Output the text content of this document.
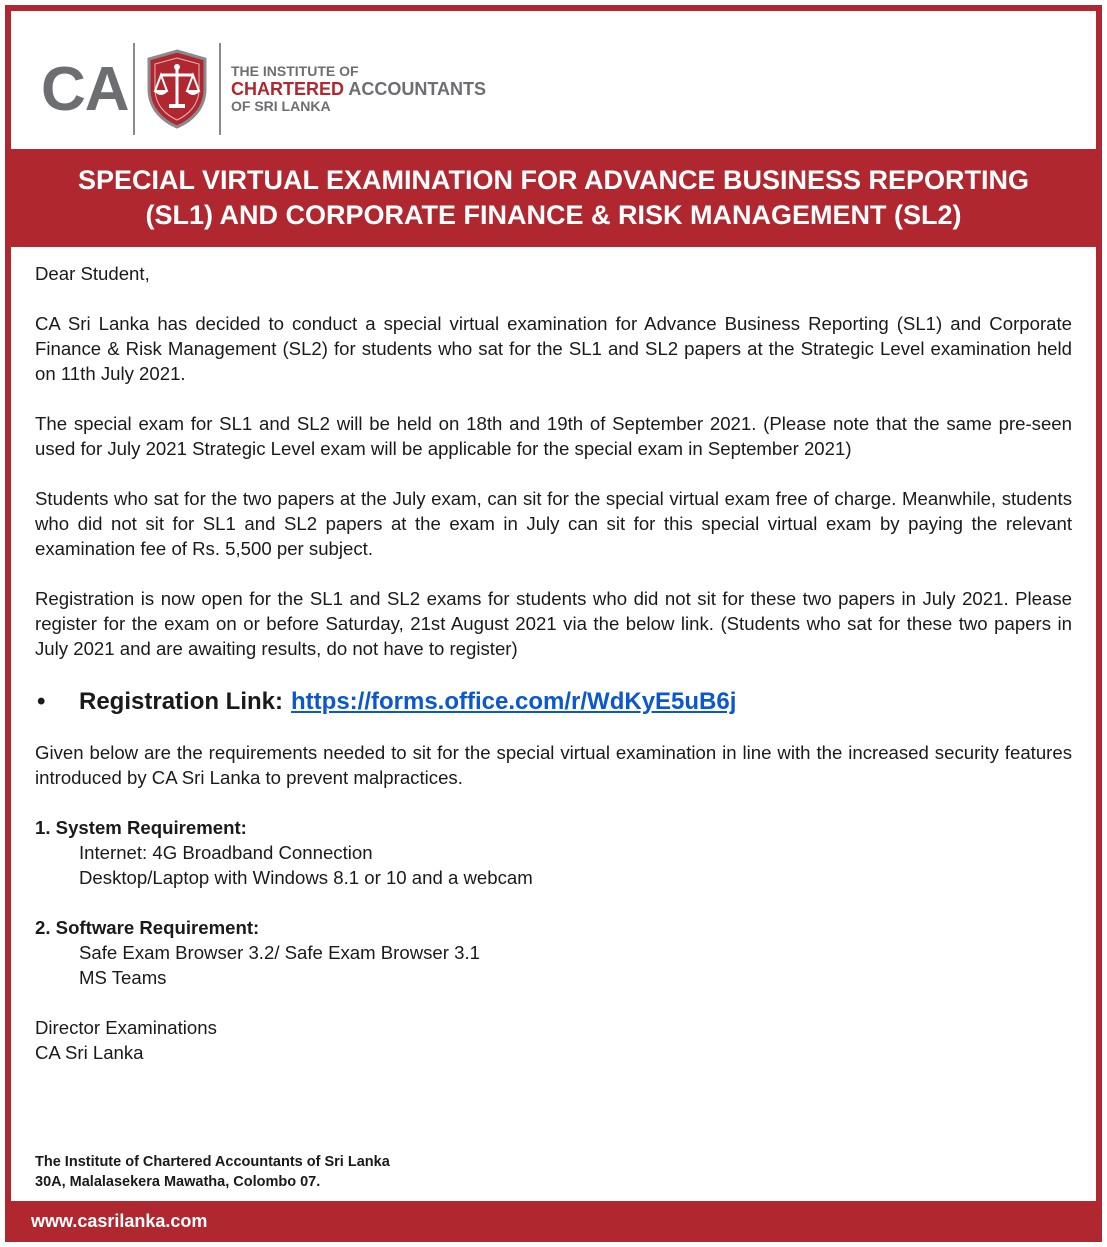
CA	THE INSTITUTE OF
CHARTERED ACCOUNTANTS
OF SRI LANKA
SPECIAL VIRTUAL EXAMINATION FOR ADVANCE BUSINESS REPORTING
(SL1) AND CORPORATE FINANCE & RISK MANAGEMENT (SL2)

Dear Student,

CA Sri Lanka has decided to conduct a special virtual examination for Advance Business Reporting (SL1) and Corporate Finance & Risk Management (SL2) for students who sat for the SL1 and SL2 papers at the Strategic Level examination held on 11th July 2021.

The special exam for SL1 and SL2 will be held on 18th and 19th of September 2021. (Please note that the same pre-seen used for July 2021 Strategic Level exam will be applicable for the special exam in September 2021)

Students who sat for the two papers at the July exam, can sit for the special virtual exam free of charge. Meanwhile, students who did not sit for SL1 and SL2 papers at the exam in July can sit for this special virtual exam by paying the relevant examination fee of Rs. 5,500 per subject.

Registration is now open for the SL1 and SL2 exams for students who did not sit for these two papers in July 2021. Please register for the exam on or before Saturday, 21st August 2021 via the below link. (Students who sat for these two papers in July 2021 and are awaiting results, do not have to register)

•	Registration Link: https://forms.office.com/r/WdKyE5uB6j

Given below are the requirements needed to sit for the special virtual examination in line with the increased security features introduced by CA Sri Lanka to prevent malpractices.

1. System Requirement:
Internet: 4G Broadband Connection
Desktop/Laptop with Windows 8.1 or 10 and a webcam
2. Software Requirement:
Safe Exam Browser 3.2/ Safe Exam Browser 3.1
MS Teams
Director Examinations
CA Sri Lanka
The Institute of Chartered Accountants of Sri Lanka
30A, Malalasekera Mawatha, Colombo 07.
www.casrilanka.com
